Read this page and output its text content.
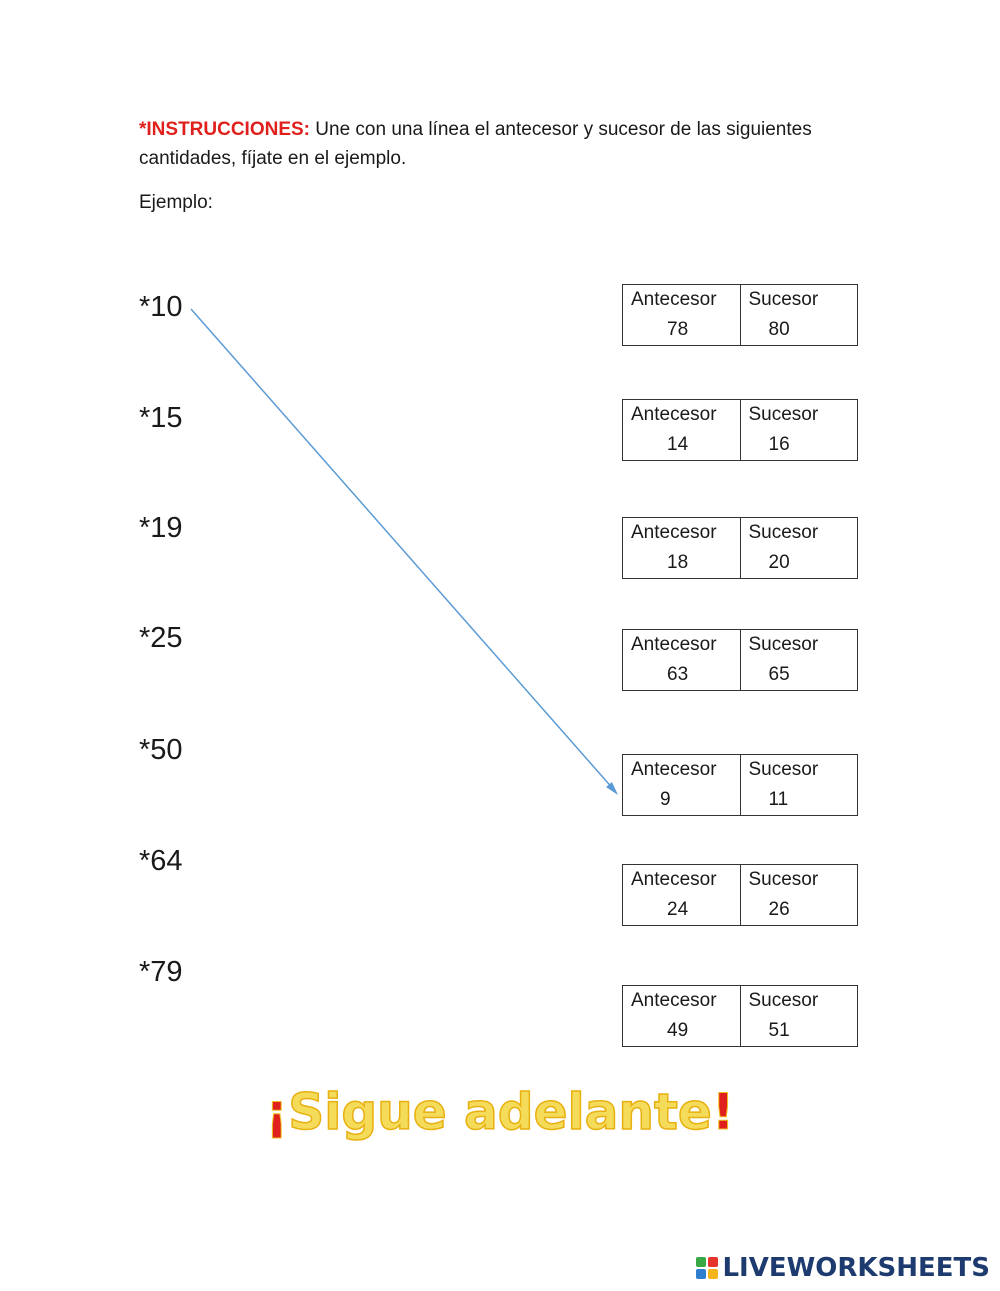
*INSTRUCCIONES: Une con una línea el antecesor y sucesor de las siguientes cantidades, fíjate en el ejemplo.
Ejemplo:
*10
*15
*19
*25
*50
*64
*79
Antecesor
78
Sucesor
80
Antecesor
14
Sucesor
16
Antecesor
18
Sucesor
20
Antecesor
63
Sucesor
65
Antecesor
9
Sucesor
11
Antecesor
24
Sucesor
26
Antecesor
49
Sucesor
51
¡Sigue adelante!
LIVEWORKSHEETS
